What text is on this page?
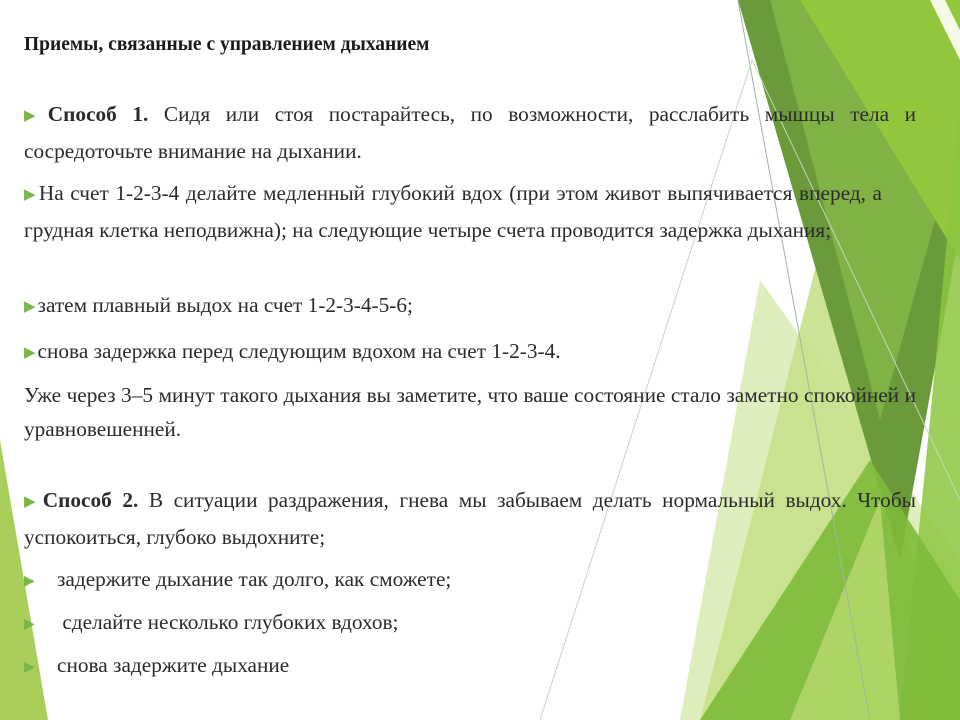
Приемы, связанные с управлением дыханием

▶Способ 1. Сидя или стоя постарайтесь, по возможности, расслабить мышцы тела и сосредоточьте внимание на дыхании.

▶На счет 1-2-3-4 делайте медленный глубокий вдох (при этом живот выпячивается вперед, а грудная клетка неподвижна); на следующие четыре счета проводится задержка дыхания;

▶затем плавный выдох на счет 1-2-3-4-5-6;

▶снова задержка перед следующим вдохом на счет 1-2-3-4.

Уже через 3–5 минут такого дыхания вы заметите, что ваше состояние стало заметно спокойней и уравновешенней.

▶Способ 2. В ситуации раздражения, гнева мы забываем делать нормальный выдох. Чтобы успокоиться, глубоко выдохните;

▶ задержите дыхание так долго, как сможете;

▶ сделайте несколько глубоких вдохов;

▶ снова задержите дыхание
